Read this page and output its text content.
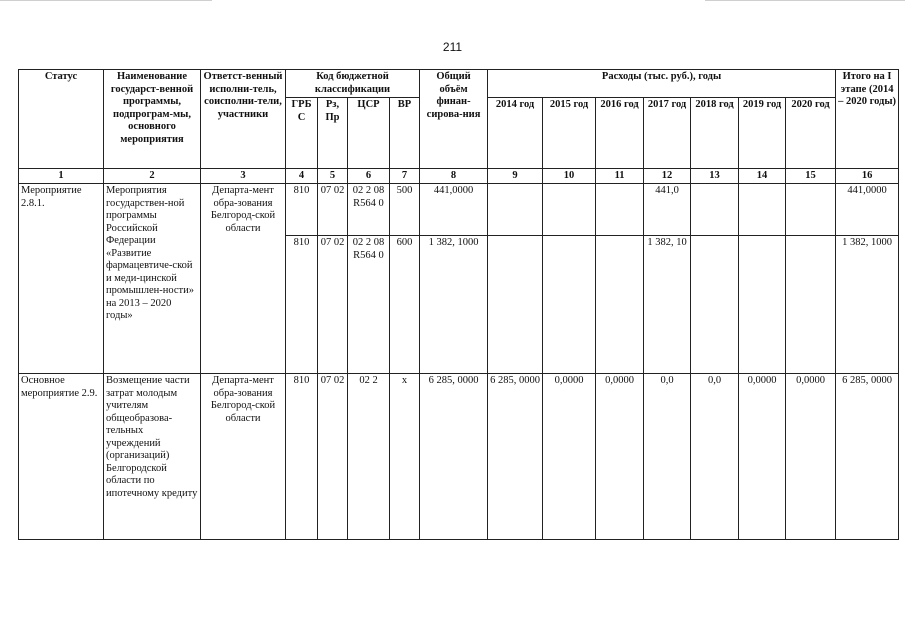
211
Статус	Наименование государст-венной программы, подпрограм-мы, основного мероприятия	Ответст-венный исполни-тель, соисполни-тели, участники	Код бюджетной классификации				Общий объём финан-сирова-ния	Расходы (тыс. руб.), годы							Итого на I этапе (2014 – 2020 годы)
			ГРБ С	Рз, Пр	ЦСР	ВР		2014 год	2015 год	2016 год	2017 год	2018 год	2019 год	2020 год	
1	2	3	4	5	6	7	8	9	10	11	12	13	14	15	16
Мероприятие 2.8.1.	Мероприятия государствен-ной программы Российской Федерации «Развитие фармацевтиче-ской и меди-цинской промышлен-ности» на 2013 – 2020 годы»	Департа-мент обра-зования Белгород-ской области	810	07 02	02 2 08 R564 0	500	441,0000				441,0				441,0000
			810	07 02	02 2 08 R564 0	600	1 382, 1000				1 382, 10				1 382, 1000
Основное мероприятие 2.9.	Возмещение части затрат молодым учителям общеобразова-тельных учреждений (организаций) Белгородской области по ипотечному кредиту	Департа-мент обра-зования Белгород-ской области	810	07 02	02 2	х	6 285, 0000	6 285, 0000	0,0000	0,0000	0,0	0,0	0,0000	0,0000	6 285, 0000
